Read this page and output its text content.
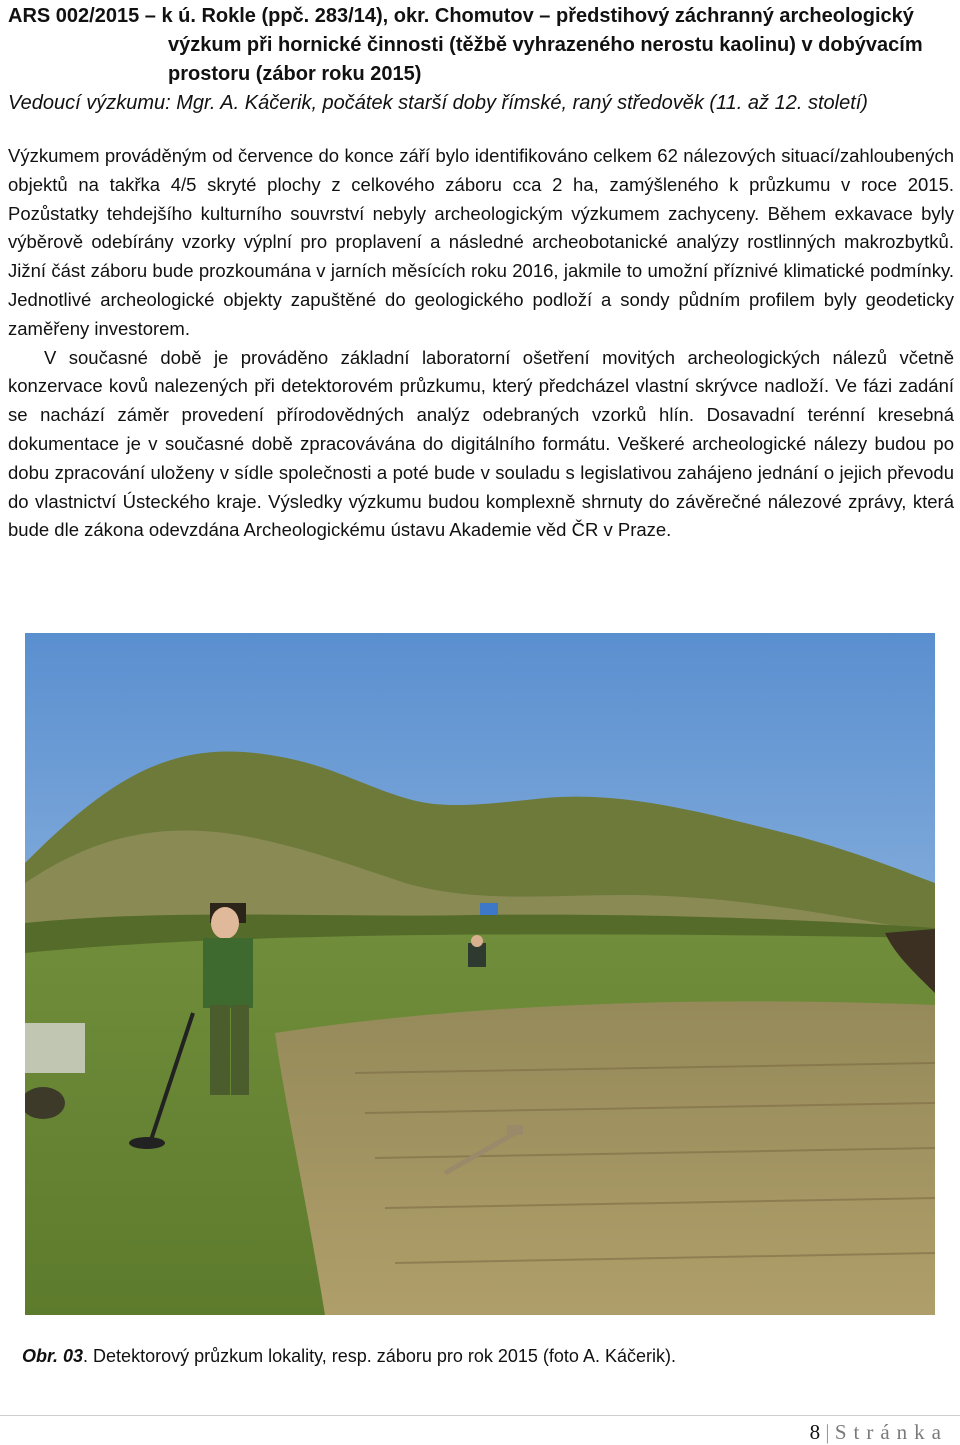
ARS 002/2015 – k ú. Rokle (ppč. 283/14), okr. Chomutov – předstihový záchranný archeologický
výzkum při hornické činnosti (těžbě vyhrazeného nerostu kaolinu) v dobývacím
prostoru (zábor roku 2015)
Vedoucí výzkumu: Mgr. A. Káčerik, počátek starší doby římské, raný středověk (11. až 12. století)

Výzkumem prováděným od července do konce září bylo identifikováno celkem 62 nálezových situací/zahloubených objektů na takřka 4/5 skryté plochy z celkového záboru cca 2 ha, zamýšleného k průzkumu v roce 2015. Pozůstatky tehdejšího kulturního souvrství nebyly archeologickým výzkumem zachyceny. Během exkavace byly výběrově odebírány vzorky výplní pro proplavení a následné archeobotanické analýzy rostlinných makrozbytků. Jižní část záboru bude prozkoumána v jarních měsících roku 2016, jakmile to umožní příznivé klimatické podmínky. Jednotlivé archeologické objekty zapuštěné do geologického podloží a sondy půdním profilem byly geodeticky zaměřeny investorem.

V současné době je prováděno základní laboratorní ošetření movitých archeologických nálezů včetně konzervace kovů nalezených při detektorovém průzkumu, který předcházel vlastní skrývce nadloží. Ve fázi zadání se nachází záměr provedení přírodovědných analýz odebraných vzorků hlín. Dosavadní terénní kresebná dokumentace je v současné době zpracovávána do digitálního formátu. Veškeré archeologické nálezy budou po dobu zpracování uloženy v sídle společnosti a poté bude v souladu s legislativou zahájeno jednání o jejich převodu do vlastnictví Ústeckého kraje. Výsledky výzkumu budou komplexně shrnuty do závěrečné nálezové zprávy, která bude dle zákona odevzdána Archeologickému ústavu Akademie věd ČR v Praze.

Obr. 03. Detektorový průzkum lokality, resp. záboru pro rok 2015 (foto A. Káčerik).
8 | Stránka
